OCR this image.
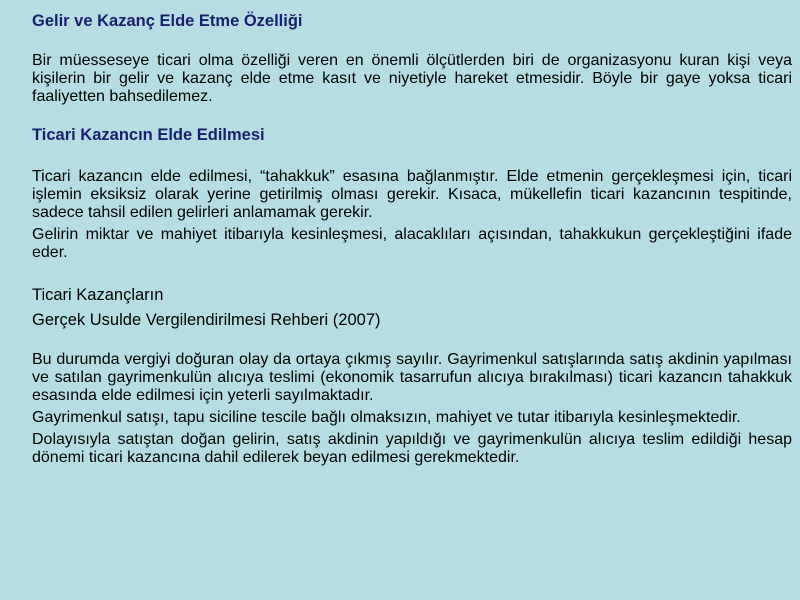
Gelir ve Kazanç Elde Etme Özelliği

Bir müesseseye ticari olma özelliği veren en önemli ölçütlerden biri de organizasyonu kuran kişi veya kişilerin bir gelir ve kazanç elde etme kasıt ve niyetiyle hareket etmesidir. Böyle bir gaye yoksa ticari faaliyetten bahsedilemez.

Ticari Kazancın Elde Edilmesi

Ticari kazancın elde edilmesi, “tahakkuk” esasına bağlanmıştır. Elde etmenin gerçekleşmesi için, ticari işlemin eksiksiz olarak yerine getirilmiş olması gerekir. Kısaca, mükellefin ticari kazancının tespitinde, sadece tahsil edilen gelirleri anlamamak gerekir.

Gelirin miktar ve mahiyet itibarıyla kesinleşmesi, alacaklıları açısından, tahakkukun gerçekleştiğini ifade eder.

Ticari Kazançların

Gerçek Usulde Vergilendirilmesi Rehberi (2007)

Bu durumda vergiyi doğuran olay da ortaya çıkmış sayılır. Gayrimenkul satışlarında satış akdinin yapılması ve satılan gayrimenkulün alıcıya teslimi (ekonomik tasarrufun alıcıya bırakılması) ticari kazancın tahakkuk esasında elde edilmesi için yeterli sayılmaktadır.

Gayrimenkul satışı, tapu siciline tescile bağlı olmaksızın, mahiyet ve tutar itibarıyla kesinleşmektedir.

Dolayısıyla satıştan doğan gelirin, satış akdinin yapıldığı ve gayrimenkulün alıcıya teslim edildiği hesap dönemi ticari kazancına dahil edilerek beyan edilmesi gerekmektedir.
